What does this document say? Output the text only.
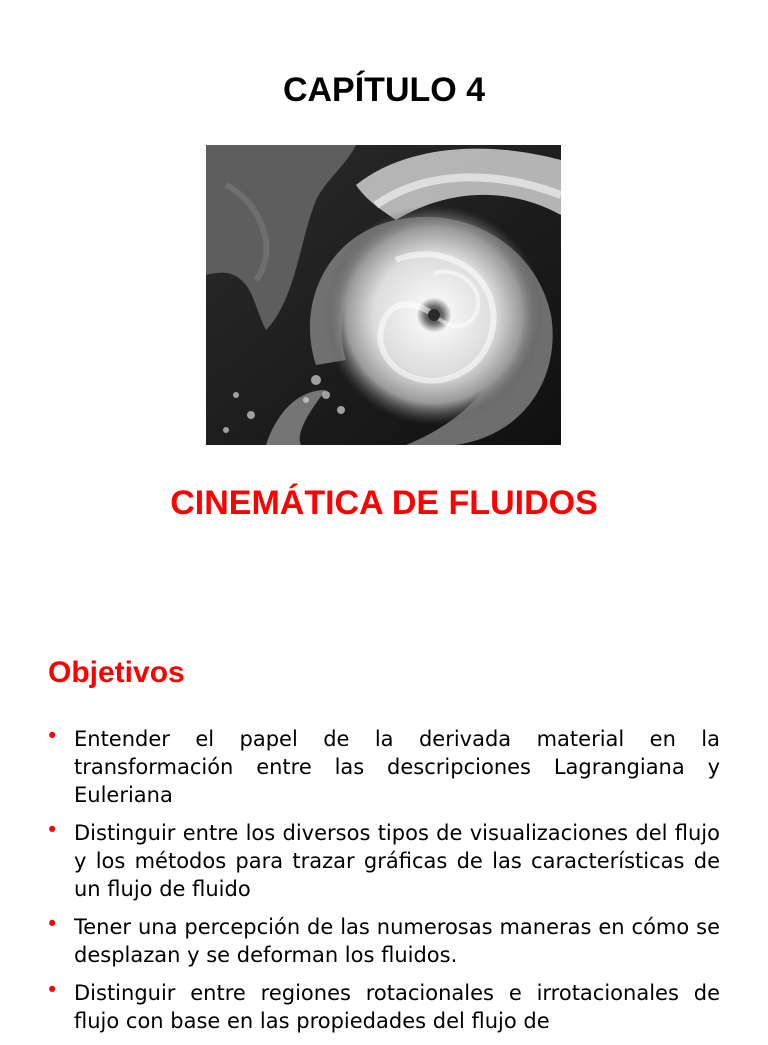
CAPÍTULO 4
CINEMÁTICA DE FLUIDOS
Objetivos
• Entender el papel de la derivada material en la transformación entre las descripciones Lagrangiana y Euleriana
• Distinguir entre los diversos tipos de visualizaciones del flujo y los métodos para trazar gráficas de las características de un flujo de fluido
• Tener una percepción de las numerosas maneras en cómo se desplazan y se deforman los fluidos.
• Distinguir entre regiones rotacionales e irrotacionales de flujo con base en las propiedades del flujo de
